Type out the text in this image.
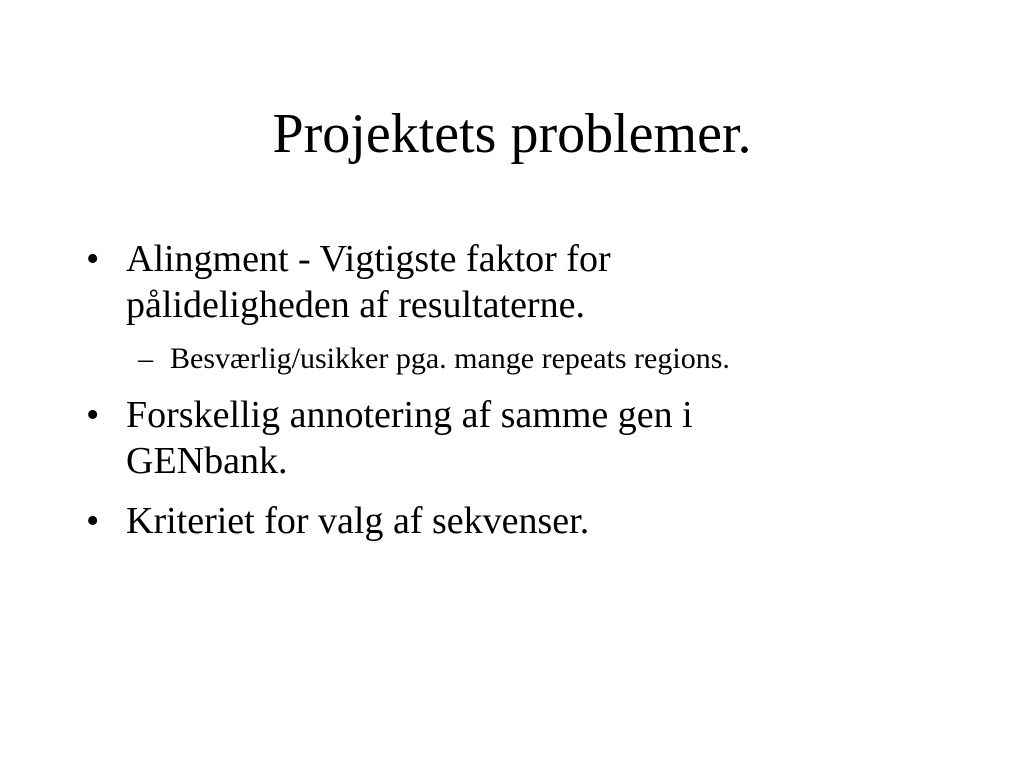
Projektets problemer.
• Alingment - Vigtigste faktor for
pålideligheden af resultaterne.
– Besværlig/usikker pga. mange repeats regions.
• Forskellig annotering af samme gen i
GENbank.
• Kriteriet for valg af sekvenser.
